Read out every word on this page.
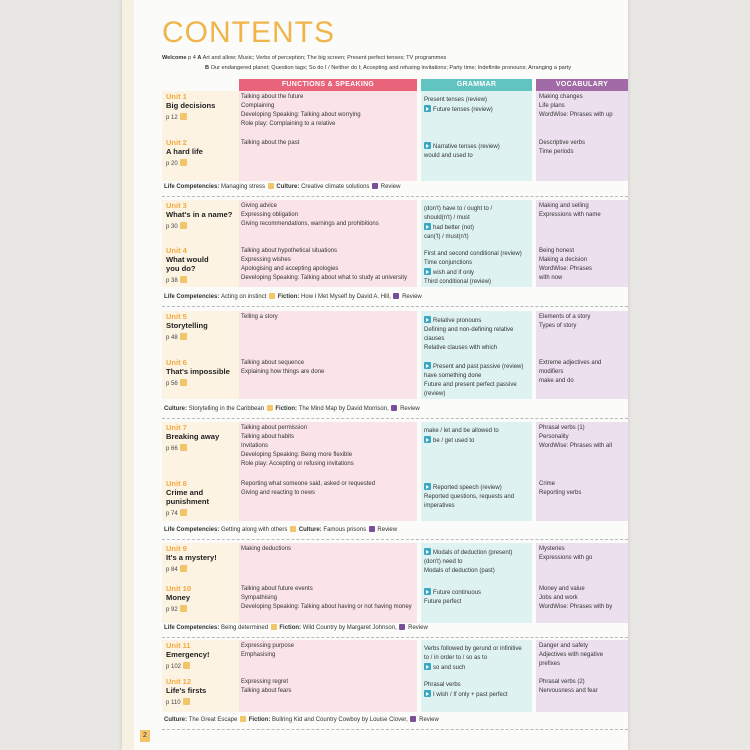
CONTENTS
Welcome p 4 A Art and allow; Music; Verbs of perception; The big screen; Present perfect tenses; TV programmes
B Our endangered planet; Question tags; So do I / Neither do I; Accepting and refusing invitations; Party time; Indefinite pronouns; Arranging a party
FUNCTIONS & SPEAKING	GRAMMAR	VOCABULARY
Unit 1
Big decisions
p 12
Talking about the future
Complaining
Developing Speaking: Talking about worrying
Role play: Complaining to a relative
Present tenses (review)
Future tenses (review)
Making changes
Life plans
WordWise: Phrases with up
Unit 2
A hard life
p 20
Talking about the past
Narrative tenses (review)
would and used to
Descriptive verbs
Time periods
Unit 3
What's in a name?
p 30
Giving advice
Expressing obligation
Giving recommendations, warnings and prohibitions
(don't) have to / ought to /
should(n't) / must
had better (not)
can('t) / must(n't)
Making and selling
Expressions with name
Unit 4
What would
you do?
p 38
Talking about hypothetical situations
Expressing wishes
Apologising and accepting apologies
Developing Speaking: Talking about what to study at university
First and second conditional (review)
Time conjunctions
wish and if only
Third conditional (review)
Being honest
Making a decision
WordWise: Phrases
with now
Unit 5
Storytelling
p 48
Telling a story
Relative pronouns
Defining and non-defining relative
clauses
Relative clauses with which
Elements of a story
Types of story
Unit 6
That's impossible
p 56
Talking about sequence
Explaining how things are done
Present and past passive (review)
have something done
Future and present perfect passive
(review)
Extreme adjectives and
modifiers
make and do
Unit 7
Breaking away
p 66
Talking about permission
Talking about habits
Invitations
Developing Speaking: Being more flexible
Role play: Accepting or refusing invitations
make / let and be allowed to
be / get used to
Phrasal verbs (1)
Personality
WordWise: Phrases with all
Unit 8
Crime and
punishment
p 74
Reporting what someone said, asked or requested
Giving and reacting to news
Reported speech (review)
Reported questions, requests and
imperatives
Crime
Reporting verbs
Unit 9
It's a mystery!
p 84
Making deductions
Modals of deduction (present)
(don't) need to
Modals of deduction (past)
Mysteries
Expressions with go
Unit 10
Money
p 92
Talking about future events
Sympathising
Developing Speaking: Talking about having or not having money
Future continuous
Future perfect
Money and value
Jobs and work
WordWise: Phrases with by
Unit 11
Emergency!
p 102
Expressing purpose
Emphasising
Verbs followed by gerund or infinitive
to / in order to / so as to
so and such
Danger and safety
Adjectives with negative
prefixes
Unit 12
Life's firsts
p 110
Expressing regret
Talking about fears
Phrasal verbs
I wish / If only + past perfect
Phrasal verbs (2)
Nervousness and fear
Life Competencies: Managing stress  Culture: Creative climate solutions  Review
Life Competencies: Acting on instinct  Fiction: How I Met Myself by David A. Hill,  Review
Culture: Storytelling in the Caribbean  Fiction: The Mind Map by David Morrison,  Review
Life Competencies: Getting along with others  Culture: Famous prisons  Review
Life Competencies: Being determined  Fiction: Wild Country by Margaret Johnson,  Review
Culture: The Great Escape  Fiction: Bullring Kid and Country Cowboy by Louise Clover,  Review
2
